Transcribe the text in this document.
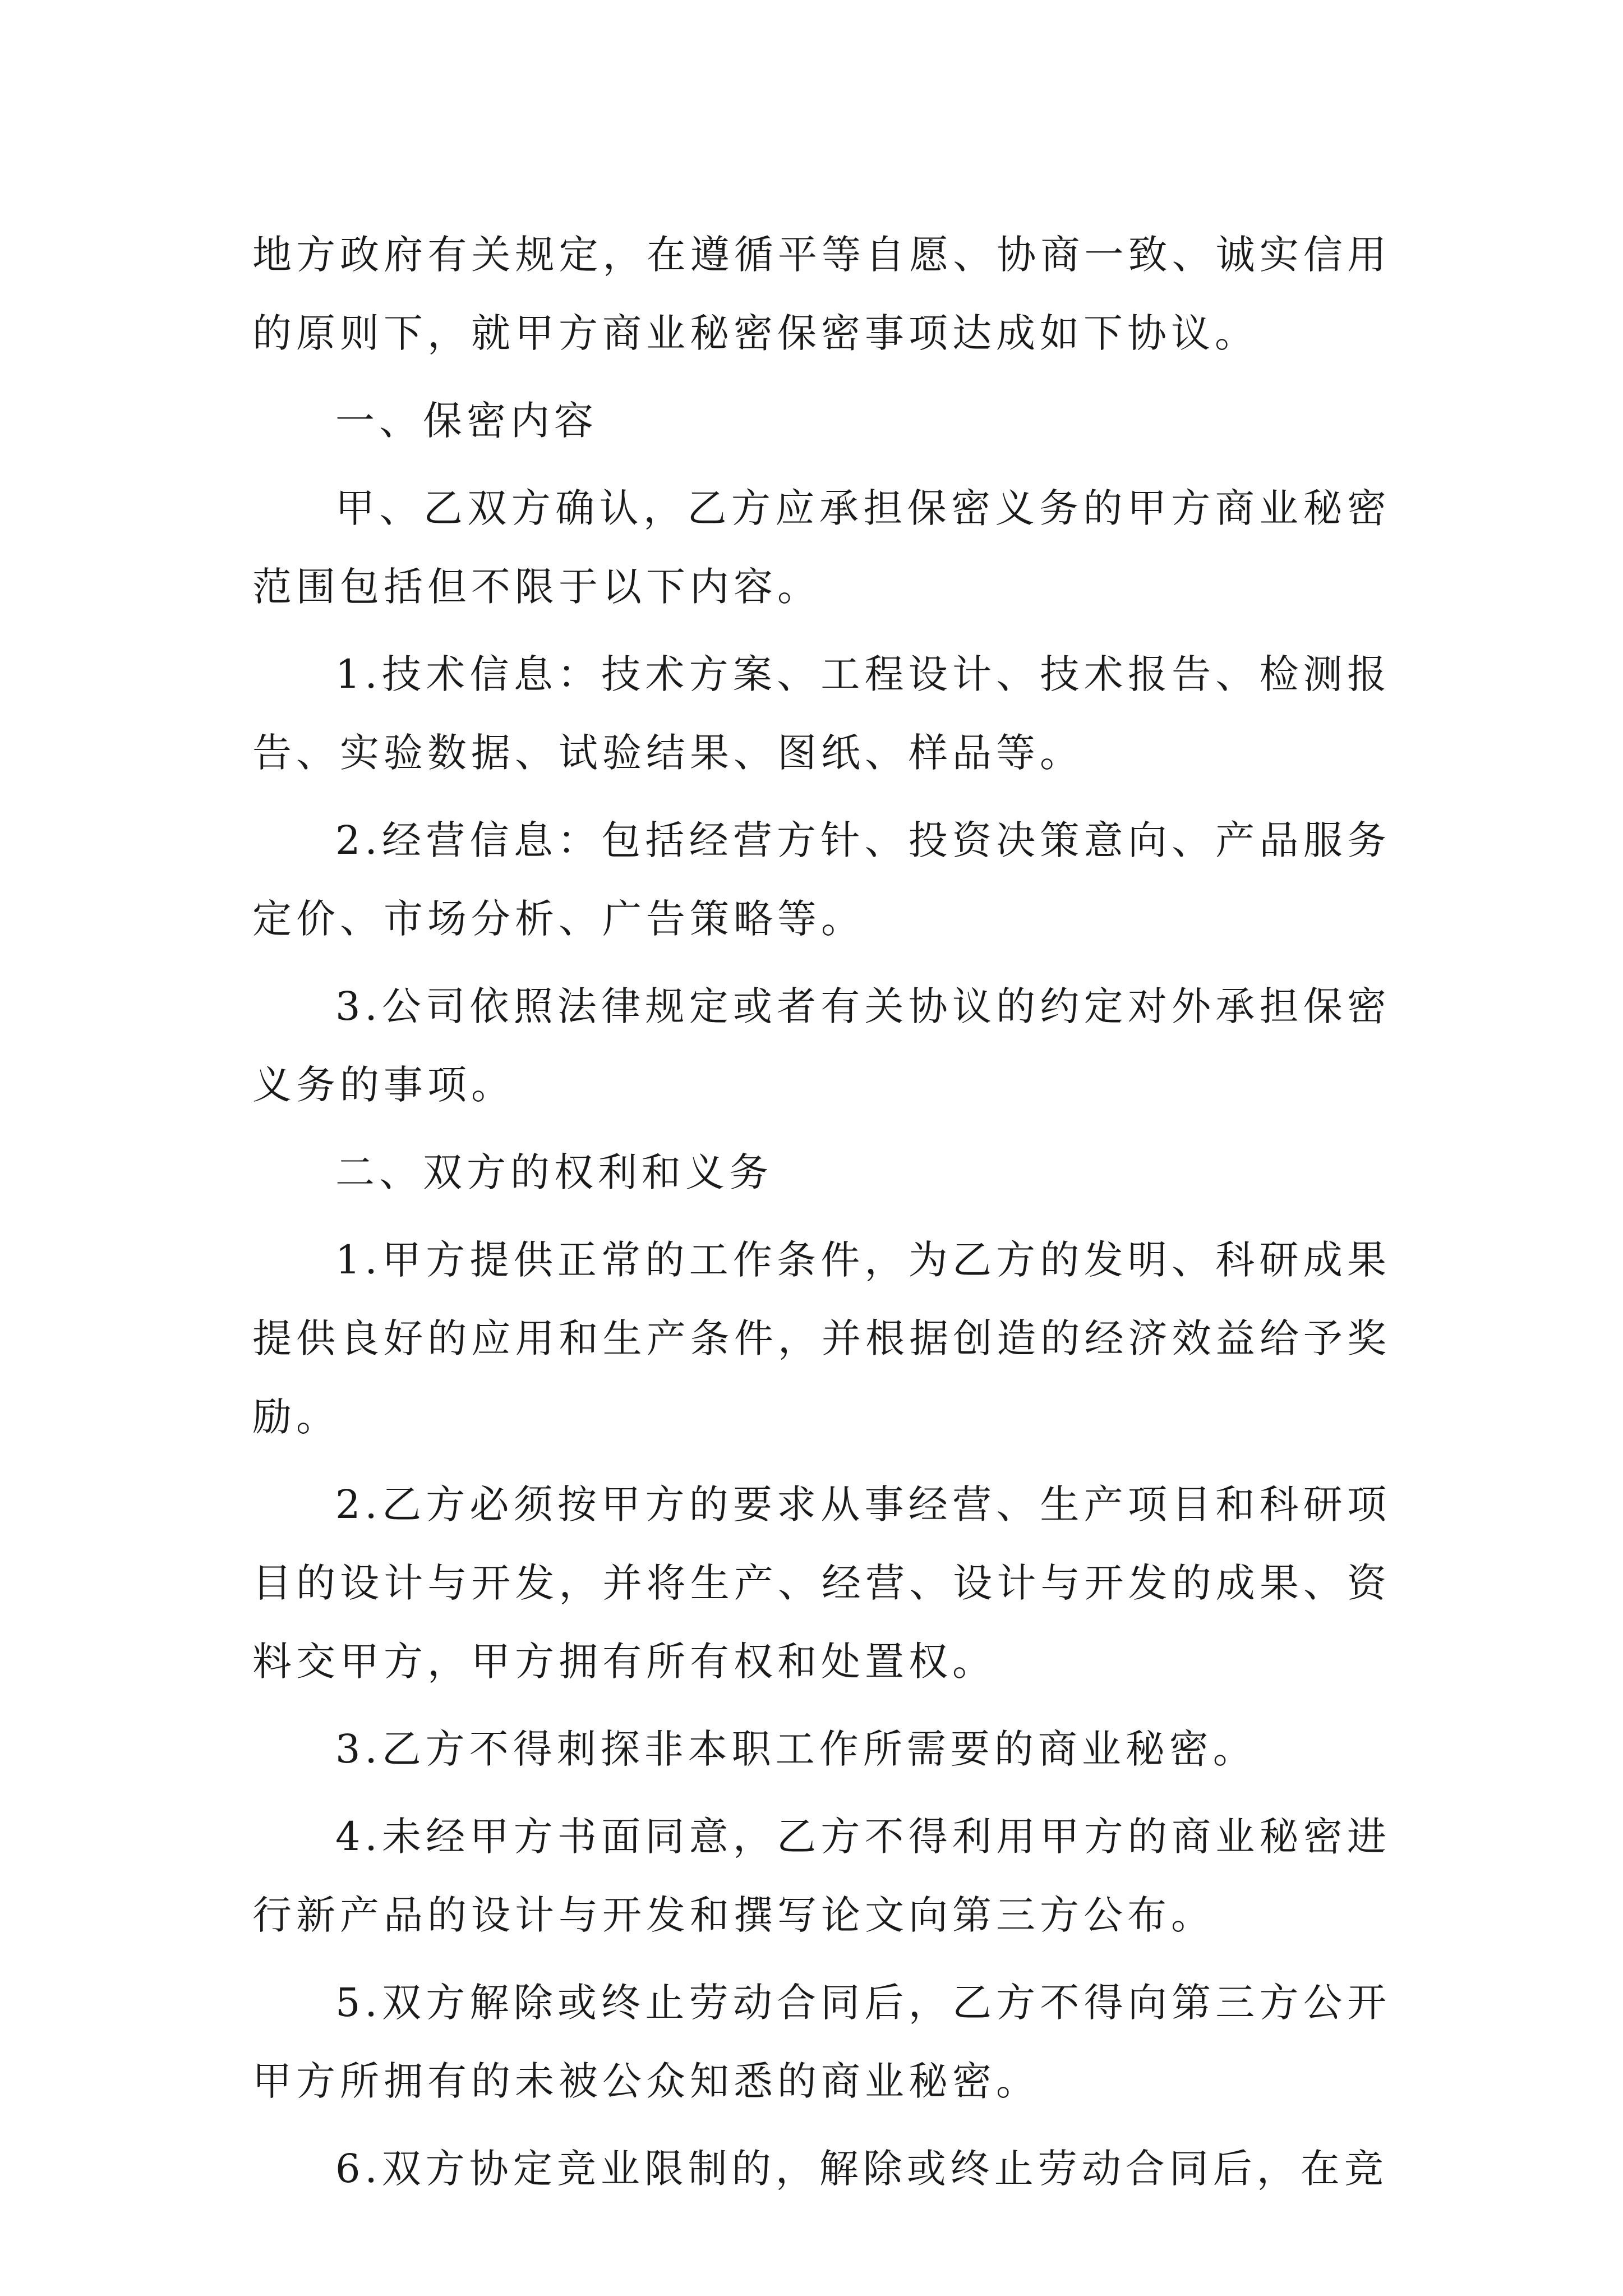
地方政府有关规定，在遵循平等自愿、协商一致、诚实信用的原则下，就甲方商业秘密保密事项达成如下协议。

一、保密内容

甲、乙双方确认，乙方应承担保密义务的甲方商业秘密范围包括但不限于以下内容。

1.技术信息：技术方案、工程设计、技术报告、检测报告、实验数据、试验结果、图纸、样品等。

2.经营信息：包括经营方针、投资决策意向、产品服务定价、市场分析、广告策略等。

3.公司依照法律规定或者有关协议的约定对外承担保密义务的事项。

二、双方的权利和义务

1.甲方提供正常的工作条件，为乙方的发明、科研成果提供良好的应用和生产条件，并根据创造的经济效益给予奖励。

2.乙方必须按甲方的要求从事经营、生产项目和科研项目的设计与开发，并将生产、经营、设计与开发的成果、资料交甲方，甲方拥有所有权和处置权。

3.乙方不得刺探非本职工作所需要的商业秘密。

4.未经甲方书面同意，乙方不得利用甲方的商业秘密进行新产品的设计与开发和撰写论文向第三方公布。

5.双方解除或终止劳动合同后，乙方不得向第三方公开甲方所拥有的未被公众知悉的商业秘密。

6.双方协定竞业限制的，解除或终止劳动合同后，在竞
